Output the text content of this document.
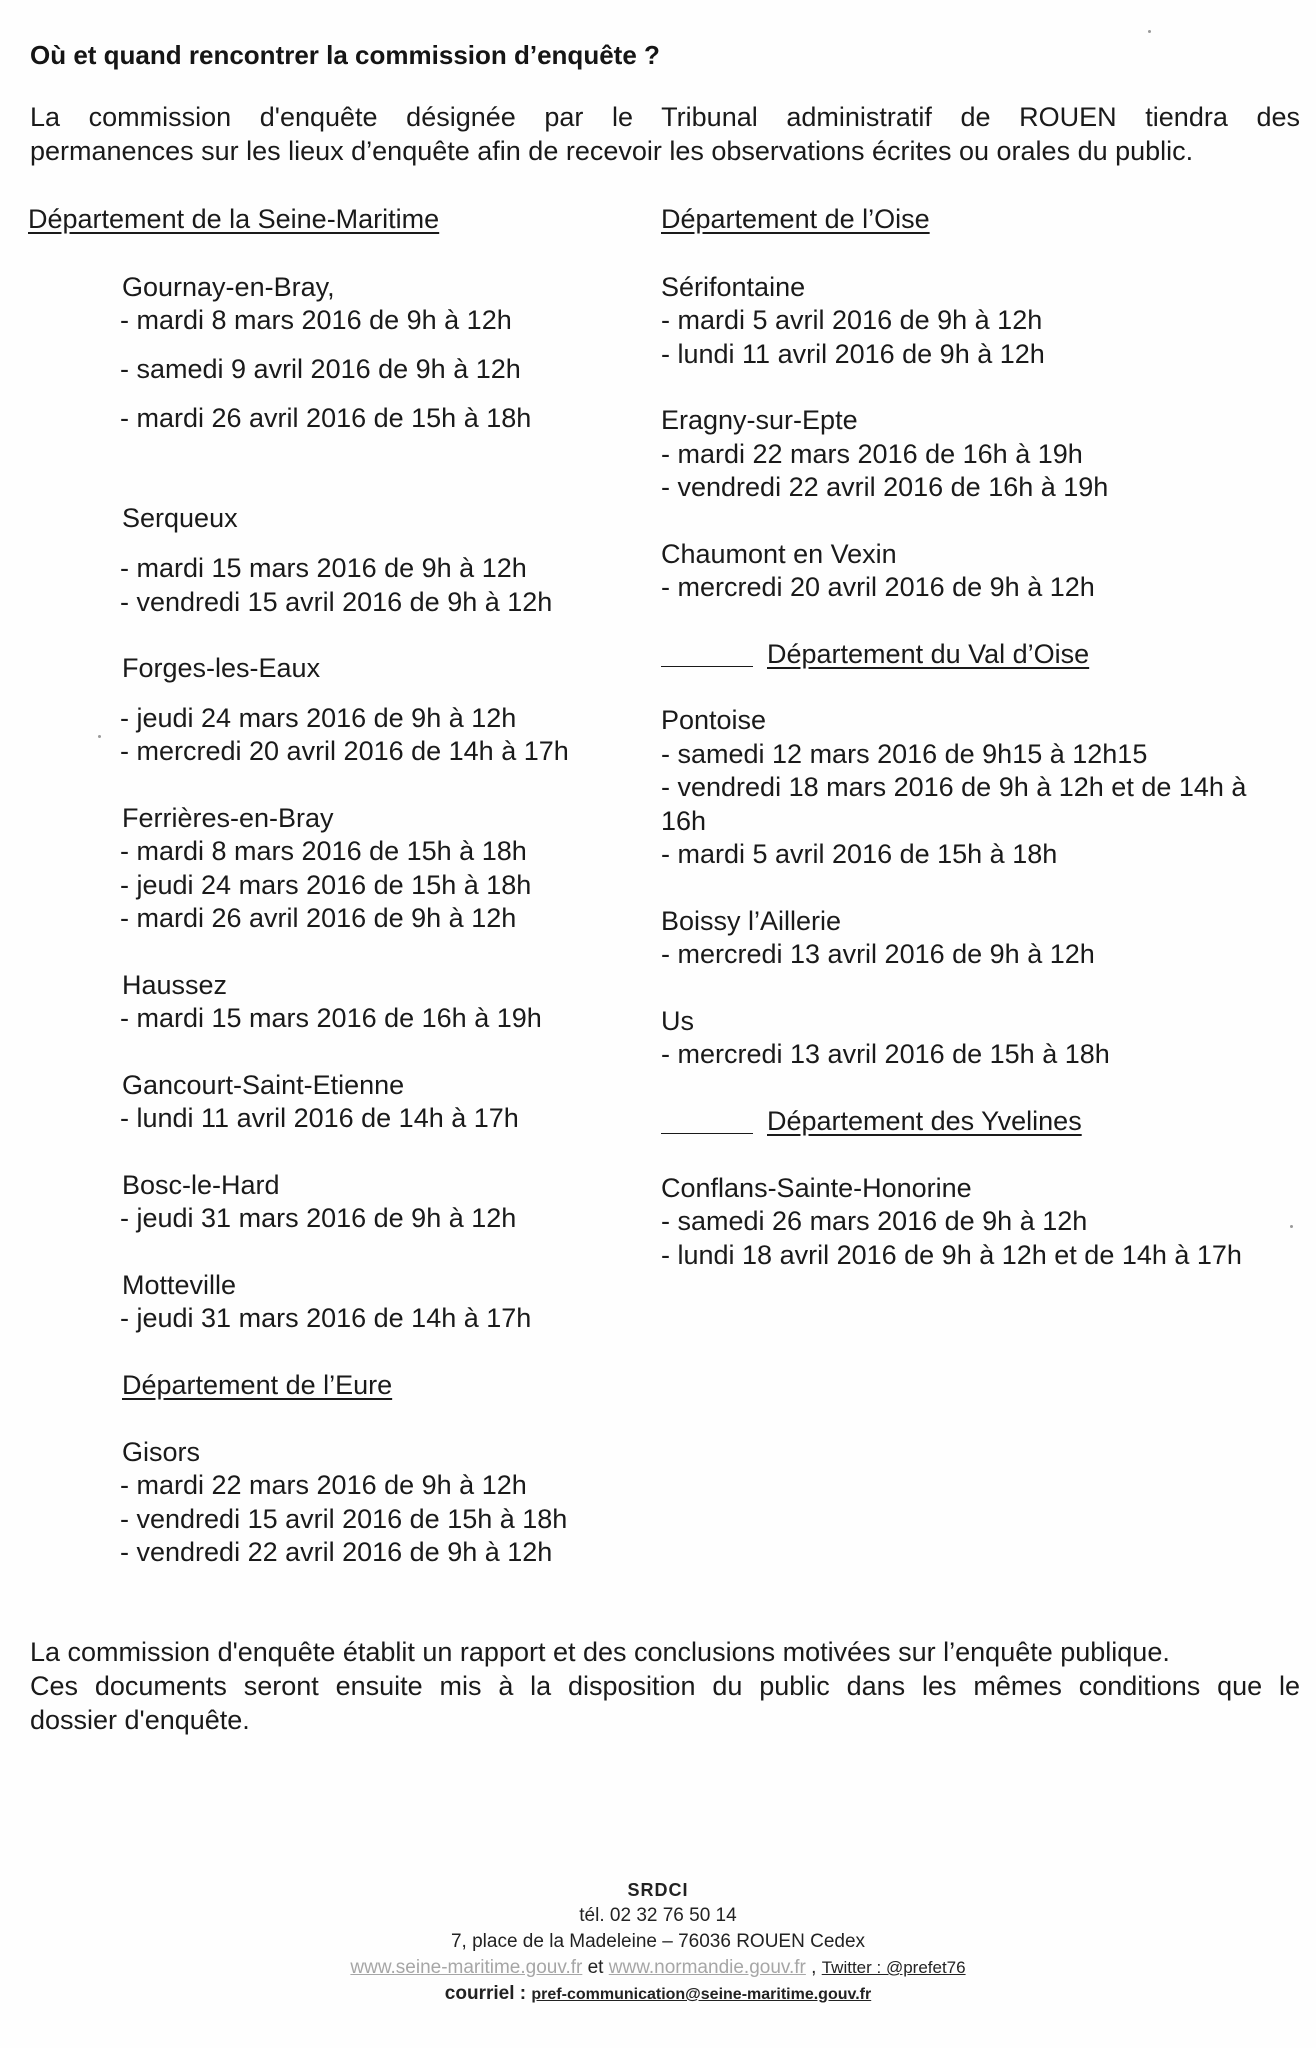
Où et quand rencontrer la commission d’enquête ?
La commission d'enquête désignée par le Tribunal administratif de ROUEN tiendra des
permanences sur les lieux d’enquête afin de recevoir les observations écrites ou orales du public.
Département de la Seine-Maritime
Gournay-en-Bray,
- mardi 8 mars 2016 de 9h à 12h
- samedi 9 avril 2016 de 9h à 12h
- mardi 26 avril 2016 de 15h à 18h
Serqueux
- mardi 15 mars 2016 de 9h à 12h
- vendredi 15 avril 2016 de 9h à 12h
Forges-les-Eaux
- jeudi 24 mars 2016 de 9h à 12h
- mercredi 20 avril 2016 de 14h à 17h
Ferrières-en-Bray
- mardi 8 mars 2016 de 15h à 18h
- jeudi 24 mars 2016 de 15h à 18h
- mardi 26 avril 2016 de 9h à 12h
Haussez
- mardi 15 mars 2016 de 16h à 19h
Gancourt-Saint-Etienne
- lundi 11 avril 2016 de 14h à 17h
Bosc-le-Hard
- jeudi 31 mars 2016 de 9h à 12h
Motteville
- jeudi 31 mars 2016 de 14h à 17h
Département de l’Eure
Gisors
- mardi 22 mars 2016 de 9h à 12h
- vendredi 15 avril 2016 de 15h à 18h
- vendredi 22 avril 2016 de 9h à 12h
Département de l’Oise
Sérifontaine
- mardi 5 avril 2016 de 9h à 12h
- lundi 11 avril 2016 de 9h à 12h
Eragny-sur-Epte
- mardi 22 mars 2016 de 16h à 19h
- vendredi 22 avril 2016 de 16h à 19h
Chaumont en Vexin
- mercredi 20 avril 2016 de 9h à 12h
Département du Val d’Oise
Pontoise
- samedi 12 mars 2016 de 9h15 à 12h15
- vendredi 18 mars 2016 de 9h à 12h et de 14h à
16h
- mardi 5 avril 2016 de 15h à 18h
Boissy l’Aillerie
- mercredi 13 avril 2016 de 9h à 12h
Us
- mercredi 13 avril 2016 de 15h à 18h
Département des Yvelines
Conflans-Sainte-Honorine
- samedi 26 mars 2016 de 9h à 12h
- lundi 18 avril 2016 de 9h à 12h et de 14h à 17h
La commission d'enquête établit un rapport et des conclusions motivées sur l’enquête publique.
Ces documents seront ensuite mis à la disposition du public dans les mêmes conditions que le
dossier d'enquête.
SRDCI
tél. 02 32 76 50 14
7, place de la Madeleine – 76036 ROUEN Cedex
www.seine-maritime.gouv.fr et www.normandie.gouv.fr , Twitter : @prefet76
courriel : pref-communication@seine-maritime.gouv.fr
